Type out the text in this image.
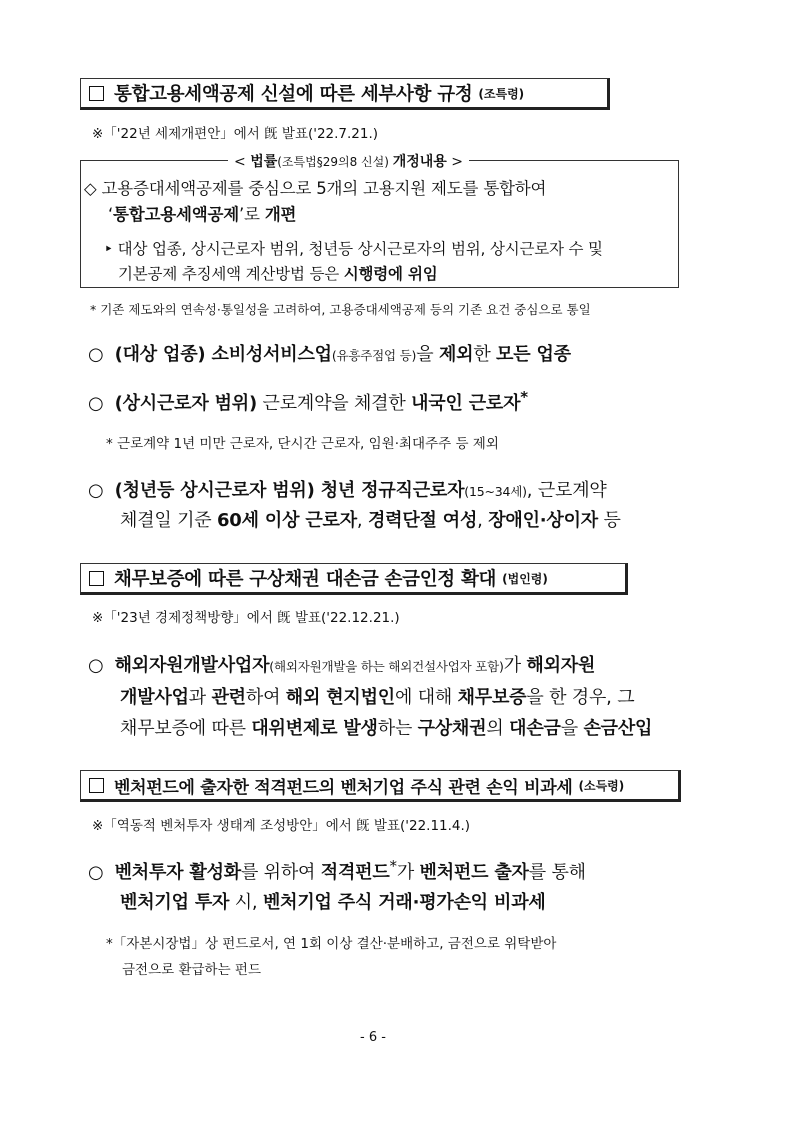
통합고용세액공제 신설에 따른 세부사항 규정 (조특령)
※「'22년 세제개편안」에서 旣 발표('22.7.21.)
< 법률(조특법§29의8 신설) 개정내용 >
◇ 고용증대세액공제를 중심으로 5개의 고용지원 제도를 통합하여
‘통합고용세액공제’로 개편
‣ 대상 업종, 상시근로자 범위, 청년등 상시근로자의 범위, 상시근로자 수 및
기본공제 추징세액 계산방법 등은 시행령에 위임
* 기존 제도와의 연속성·통일성을 고려하여, 고용증대세액공제 등의 기존 요건 중심으로 통일
○ (대상 업종) 소비성서비스업(유흥주점업 등)을 제외한 모든 업종
○ (상시근로자 범위) 근로계약을 체결한 내국인 근로자*
* 근로계약 1년 미만 근로자, 단시간 근로자, 임원·최대주주 등 제외
○ (청년등 상시근로자 범위) 청년 정규직근로자(15~34세), 근로계약
체결일 기준 60세 이상 근로자, 경력단절 여성, 장애인·상이자 등
채무보증에 따른 구상채권 대손금 손금인정 확대 (법인령)
※「'23년 경제정책방향」에서 旣 발표('22.12.21.)
○ 해외자원개발사업자(해외자원개발을 하는 해외건설사업자 포함)가 해외자원
개발사업과 관련하여 해외 현지법인에 대해 채무보증을 한 경우, 그
채무보증에 따른 대위변제로 발생하는 구상채권의 대손금을 손금산입
벤처펀드에 출자한 적격펀드의 벤처기업 주식 관련 손익 비과세 (소득령)
※「역동적 벤처투자 생태계 조성방안」에서 旣 발표('22.11.4.)
○ 벤처투자 활성화를 위하여 적격펀드*가 벤처펀드 출자를 통해
벤처기업 투자 시, 벤처기업 주식 거래·평가손익 비과세
*「자본시장법」상 펀드로서, 연 1회 이상 결산·분배하고, 금전으로 위탁받아
금전으로 환급하는 펀드
- 6 -
